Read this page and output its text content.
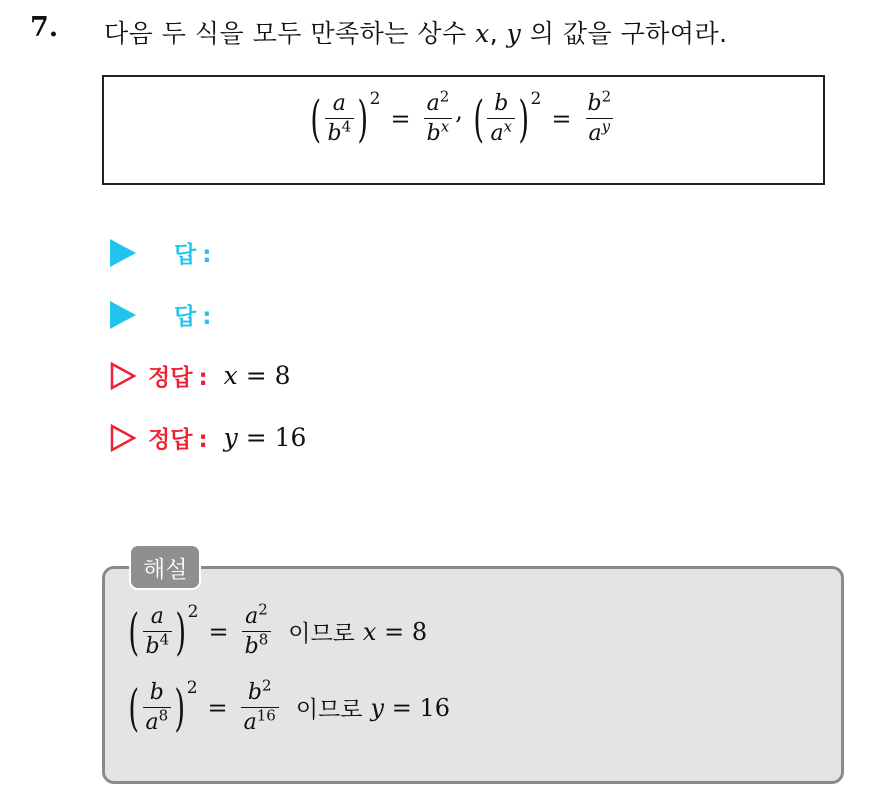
7. 다음 두 식을 모두 만족하는 상수 x, y 의 값을 구하여라.
( $\frac{a}{b^4}$ ) 2
= $\frac{a^2}{b^x}$ , ( $\frac{b}{a^x}$ ) 2
= $\frac{b^2}{a^y}$
답 :
답 :
정답 : x = 8
정답 : y = 16
해설
( $\frac{a}{b^4}$ ) 2
= $\frac{a^2}{b^8}$ 이므로 x = 8
( $\frac{b}{a^8}$ ) 2
= $\frac{b^2}{a^{16}}$ 이므로 y = 16
